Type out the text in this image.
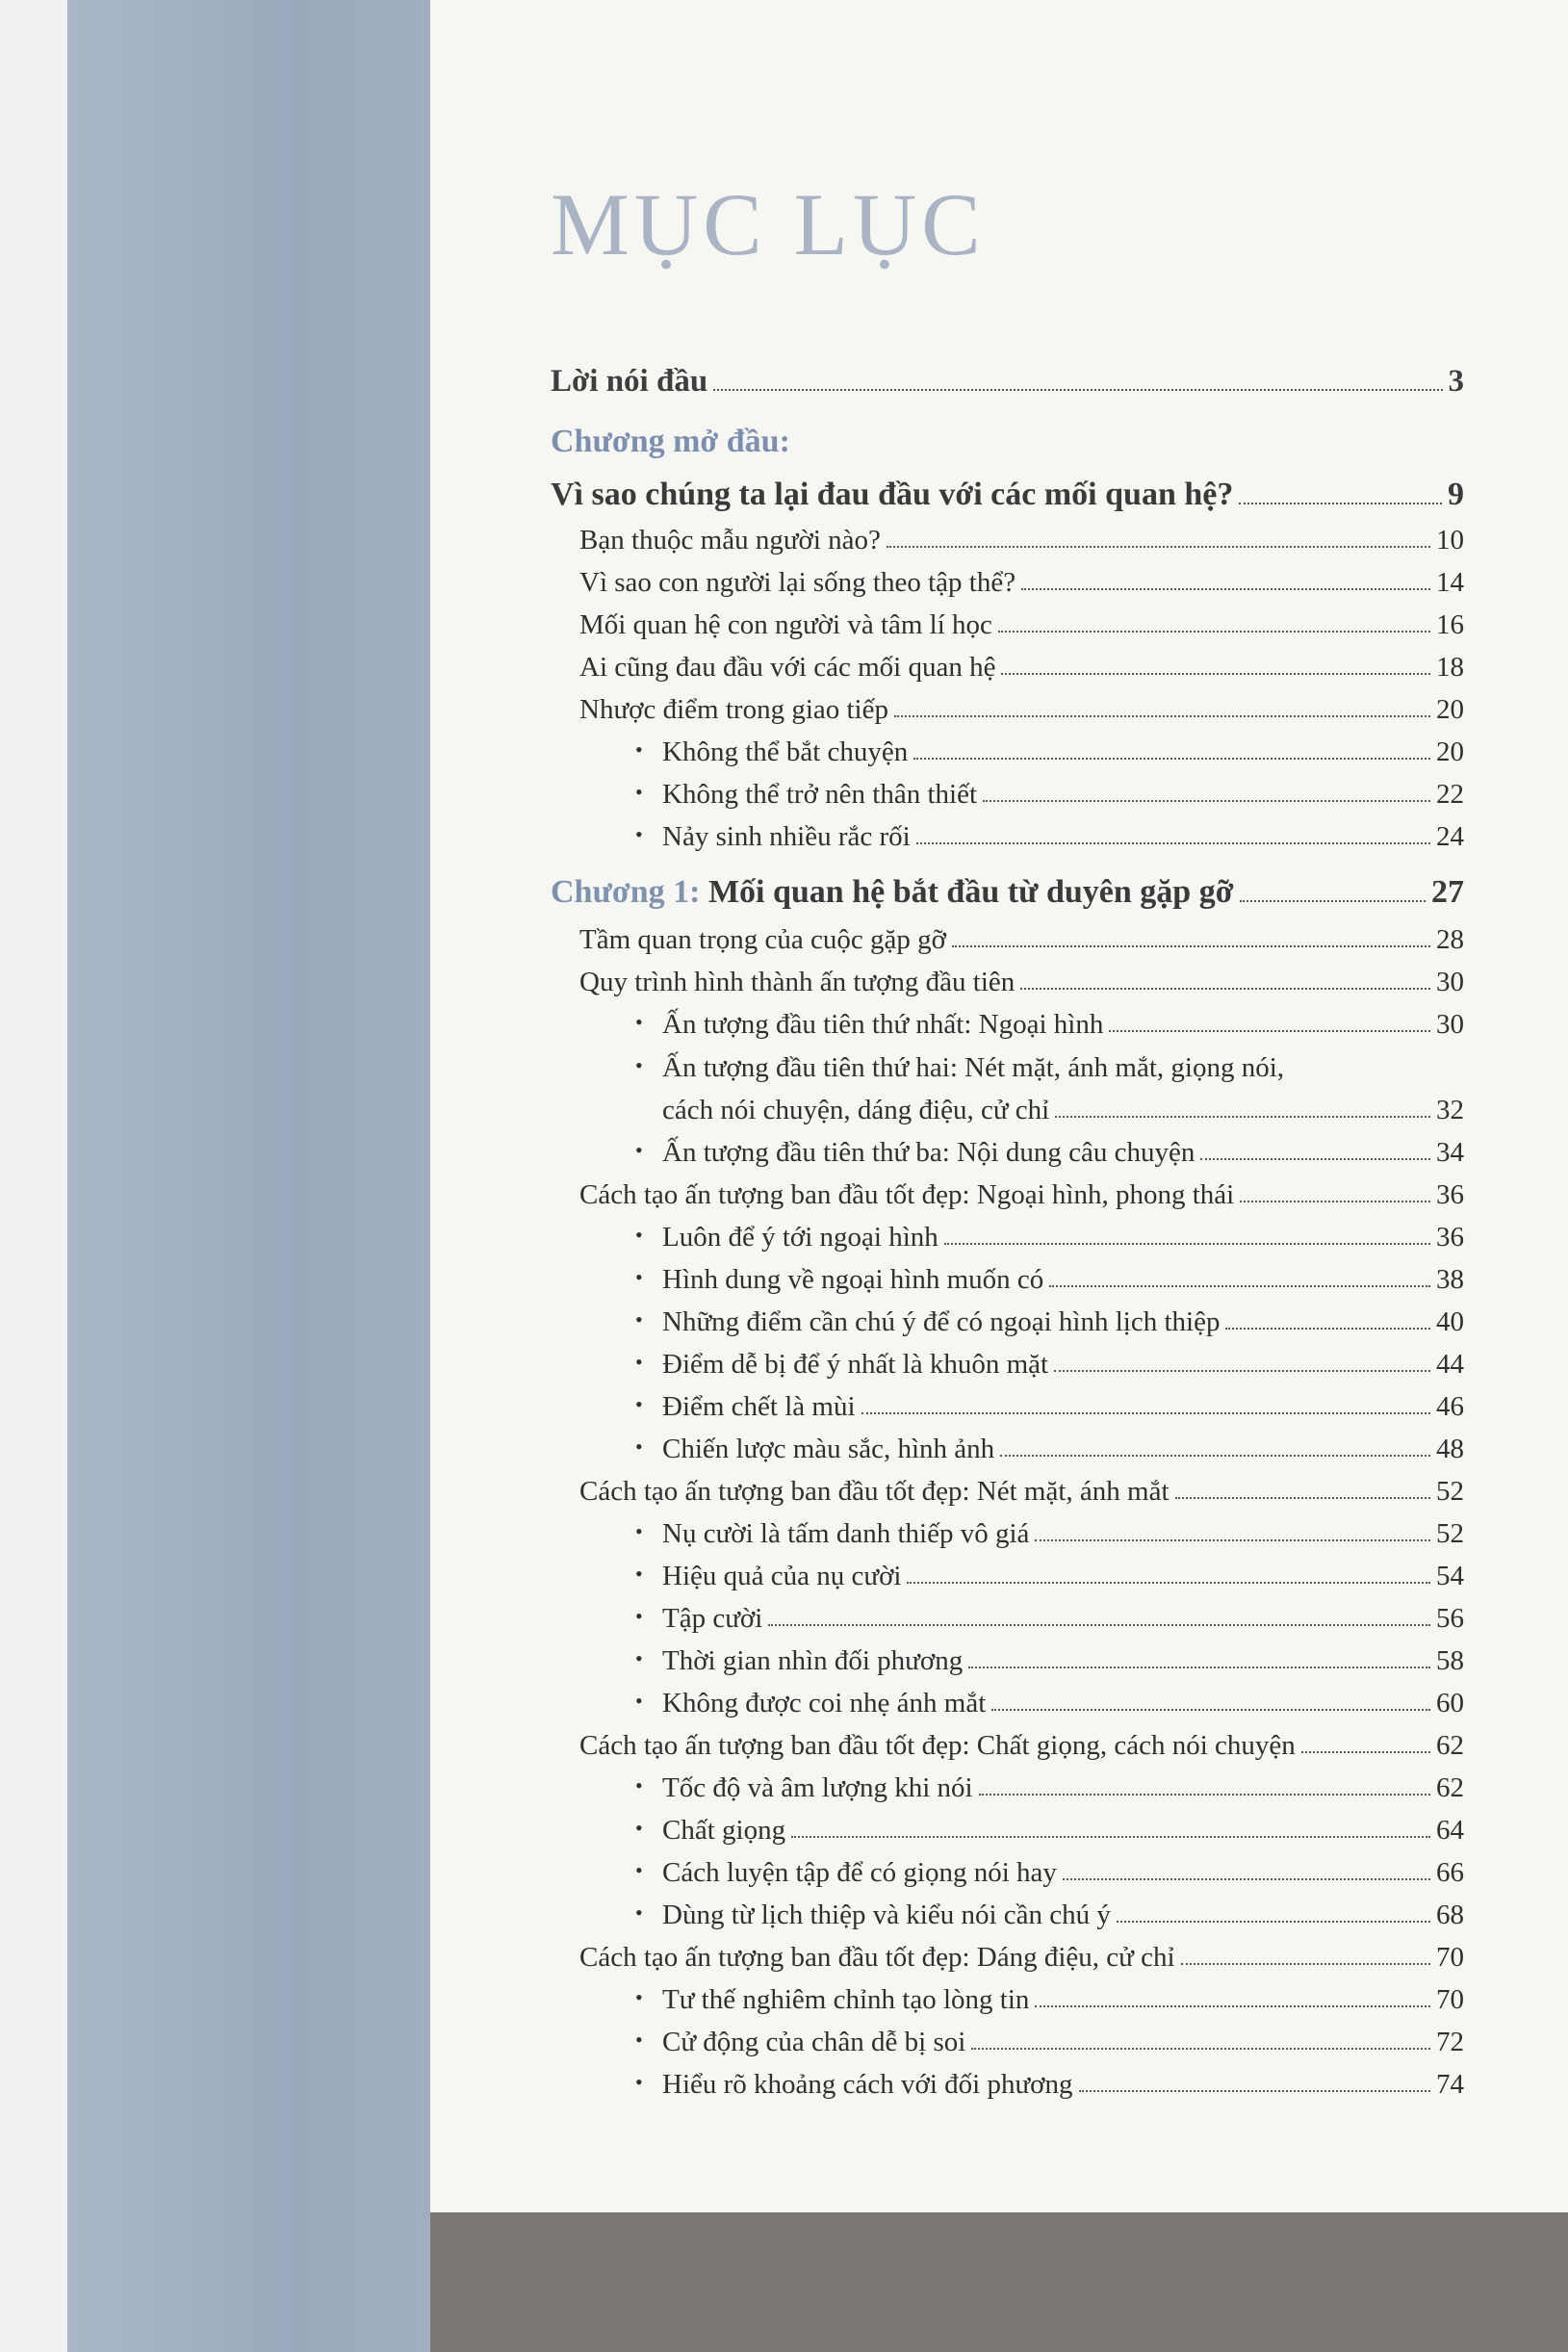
MỤC LỤC
Lời nói đầu	3
Chương mở đầu:
Vì sao chúng ta lại đau đầu với các mối quan hệ?	9
Bạn thuộc mẫu người nào?	10
Vì sao con người lại sống theo tập thể?	14
Mối quan hệ con người và tâm lí học	16
Ai cũng đau đầu với các mối quan hệ	18
Nhược điểm trong giao tiếp	20
• Không thể bắt chuyện	20
• Không thể trở nên thân thiết	22
• Nảy sinh nhiều rắc rối	24
Chương 1: Mối quan hệ bắt đầu từ duyên gặp gỡ	27
Tầm quan trọng của cuộc gặp gỡ	28
Quy trình hình thành ấn tượng đầu tiên	30
• Ấn tượng đầu tiên thứ nhất: Ngoại hình	30
• Ấn tượng đầu tiên thứ hai: Nét mặt, ánh mắt, giọng nói,
cách nói chuyện, dáng điệu, cử chỉ	32
• Ấn tượng đầu tiên thứ ba: Nội dung câu chuyện	34
Cách tạo ấn tượng ban đầu tốt đẹp: Ngoại hình, phong thái	36
• Luôn để ý tới ngoại hình	36
• Hình dung về ngoại hình muốn có	38
• Những điểm cần chú ý để có ngoại hình lịch thiệp	40
• Điểm dễ bị để ý nhất là khuôn mặt	44
• Điểm chết là mùi	46
• Chiến lược màu sắc, hình ảnh	48
Cách tạo ấn tượng ban đầu tốt đẹp: Nét mặt, ánh mắt	52
• Nụ cười là tấm danh thiếp vô giá	52
• Hiệu quả của nụ cười	54
• Tập cười	56
• Thời gian nhìn đối phương	58
• Không được coi nhẹ ánh mắt	60
Cách tạo ấn tượng ban đầu tốt đẹp: Chất giọng, cách nói chuyện	62
• Tốc độ và âm lượng khi nói	62
• Chất giọng	64
• Cách luyện tập để có giọng nói hay	66
• Dùng từ lịch thiệp và kiểu nói cần chú ý	68
Cách tạo ấn tượng ban đầu tốt đẹp: Dáng điệu, cử chỉ	70
• Tư thế nghiêm chỉnh tạo lòng tin	70
• Cử động của chân dễ bị soi	72
• Hiểu rõ khoảng cách với đối phương	74
